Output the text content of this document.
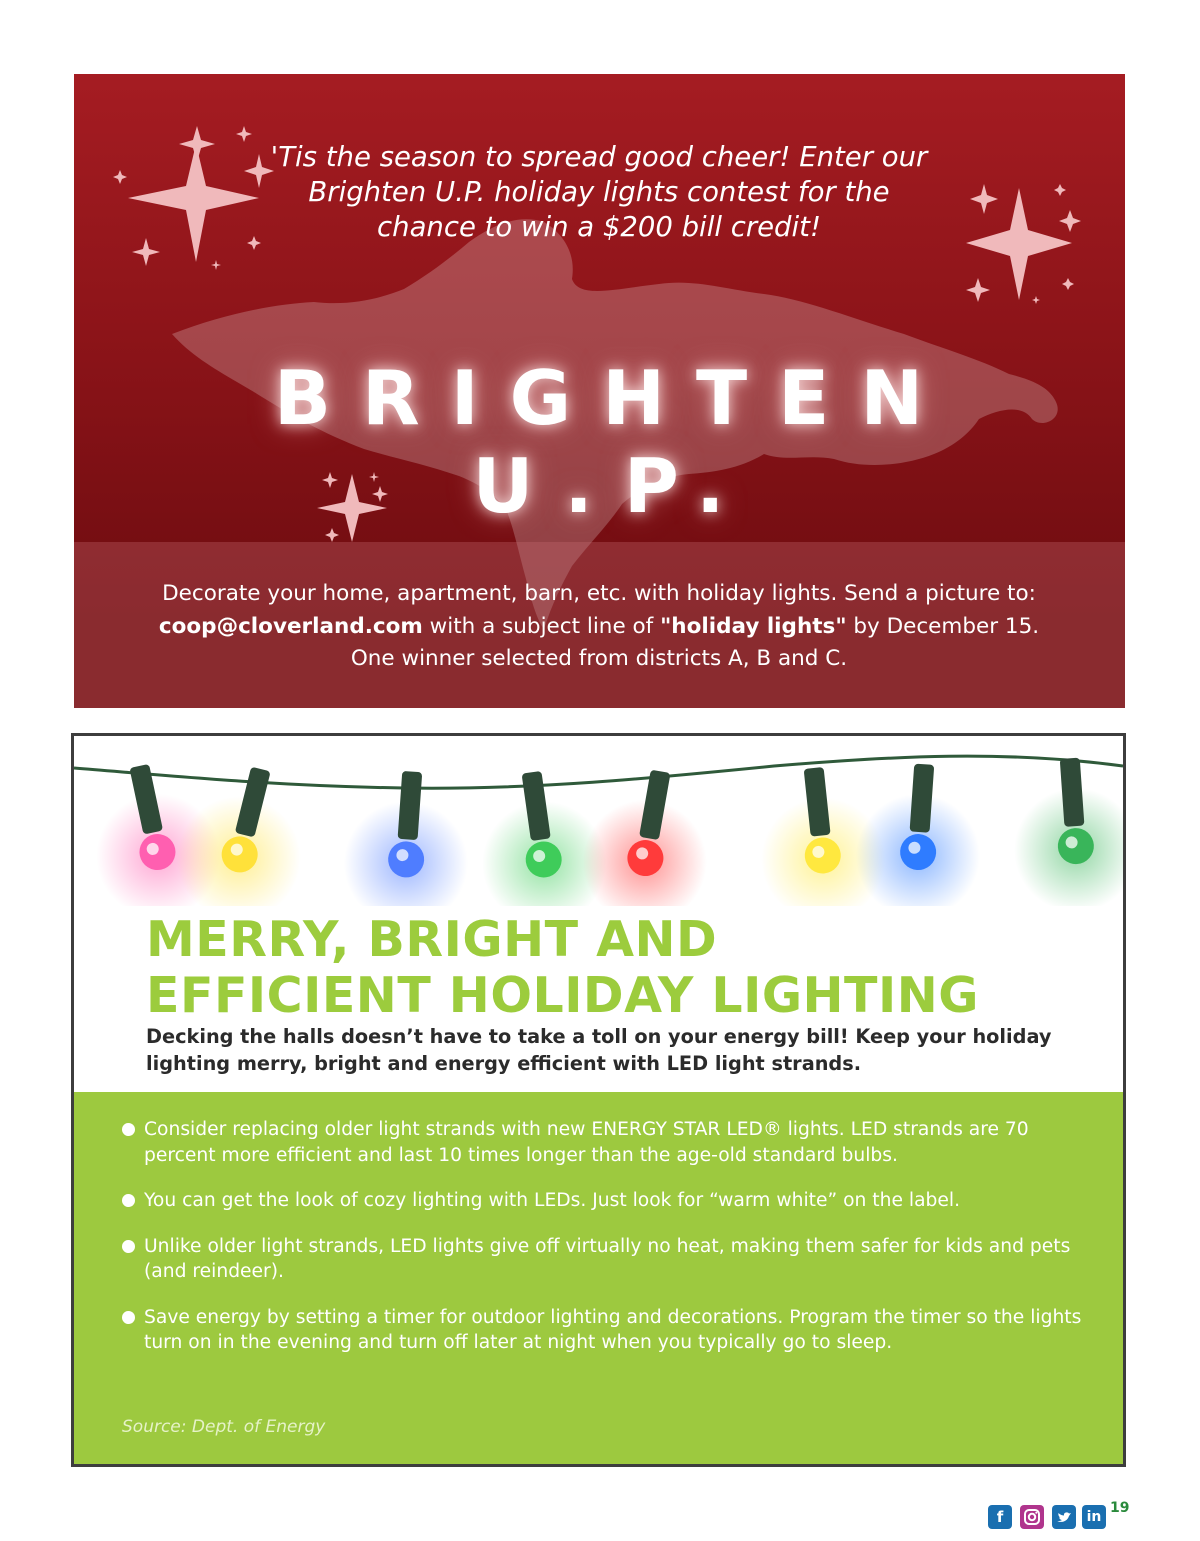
'Tis the season to spread good cheer! Enter our
Brighten U.P. holiday lights contest for the
chance to win a $200 bill credit!
BRIGHTEN U.P.
Decorate your home, apartment, barn, etc. with holiday lights. Send a picture to:
coop@cloverland.com with a subject line of "holiday lights" by December 15.
One winner selected from districts A, B and C.
MERRY, BRIGHT AND
EFFICIENT HOLIDAY LIGHTING
Decking the halls doesn’t have to take a toll on your energy bill! Keep your holiday lighting merry, bright and energy efficient with LED light strands.
Consider replacing older light strands with new ENERGY STAR LED® lights. LED strands are 70 percent more efficient and last 10 times longer than the age-old standard bulbs.
You can get the look of cozy lighting with LEDs. Just look for “warm white” on the label.
Unlike older light strands, LED lights give off virtually no heat, making them safer for kids and pets (and reindeer).
Save energy by setting a timer for outdoor lighting and decorations. Program the timer so the lights turn on in the evening and turn off later at night when you typically go to sleep.
Source: Dept. of Energy
f	in
19
